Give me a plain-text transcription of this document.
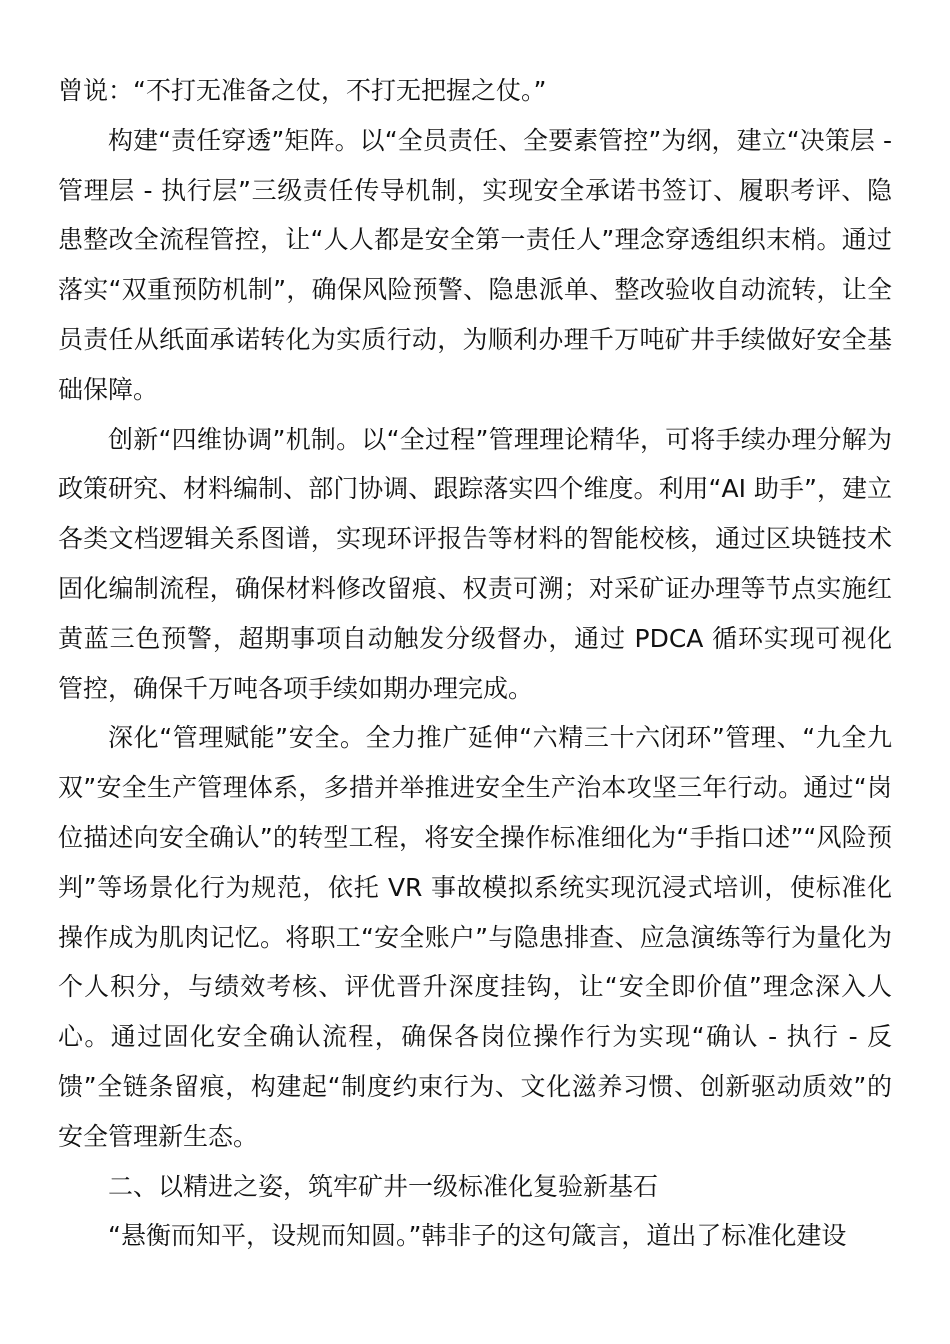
曾说：“不打无准备之仗，不打无把握之仗。”

构建“责任穿透”矩阵。以“全员责任、全要素管控”为纲，建立“决策层 - 管理层 - 执行层”三级责任传导机制，实现安全承诺书签订、履职考评、隐患整改全流程管控，让“人人都是安全第一责任人”理念穿透组织末梢。通过落实“双重预防机制”，确保风险预警、隐患派单、整改验收自动流转，让全员责任从纸面承诺转化为实质行动，为顺利办理千万吨矿井手续做好安全基础保障。

创新“四维协调”机制。以“全过程”管理理论精华，可将手续办理分解为政策研究、材料编制、部门协调、跟踪落实四个维度。利用“AI 助手”，建立各类文档逻辑关系图谱，实现环评报告等材料的智能校核，通过区块链技术固化编制流程，确保材料修改留痕、权责可溯；对采矿证办理等节点实施红黄蓝三色预警，超期事项自动触发分级督办，通过 PDCA 循环实现可视化管控，确保千万吨各项手续如期办理完成。

深化“管理赋能”安全。全力推广延伸“六精三十六闭环”管理、“九全九双”安全生产管理体系，多措并举推进安全生产治本攻坚三年行动。通过“岗位描述向安全确认”的转型工程，将安全操作标准细化为“手指口述”“风险预判”等场景化行为规范，依托 VR 事故模拟系统实现沉浸式培训，使标准化操作成为肌肉记忆。将职工“安全账户”与隐患排查、应急演练等行为量化为个人积分，与绩效考核、评优晋升深度挂钩，让“安全即价值”理念深入人心。通过固化安全确认流程，确保各岗位操作行为实现“确认 - 执行 - 反馈”全链条留痕，构建起“制度约束行为、文化滋养习惯、创新驱动质效”的安全管理新生态。

二、以精进之姿，筑牢矿井一级标准化复验新基石

“悬衡而知平，设规而知圆。”韩非子的这句箴言，道出了标准化建设
